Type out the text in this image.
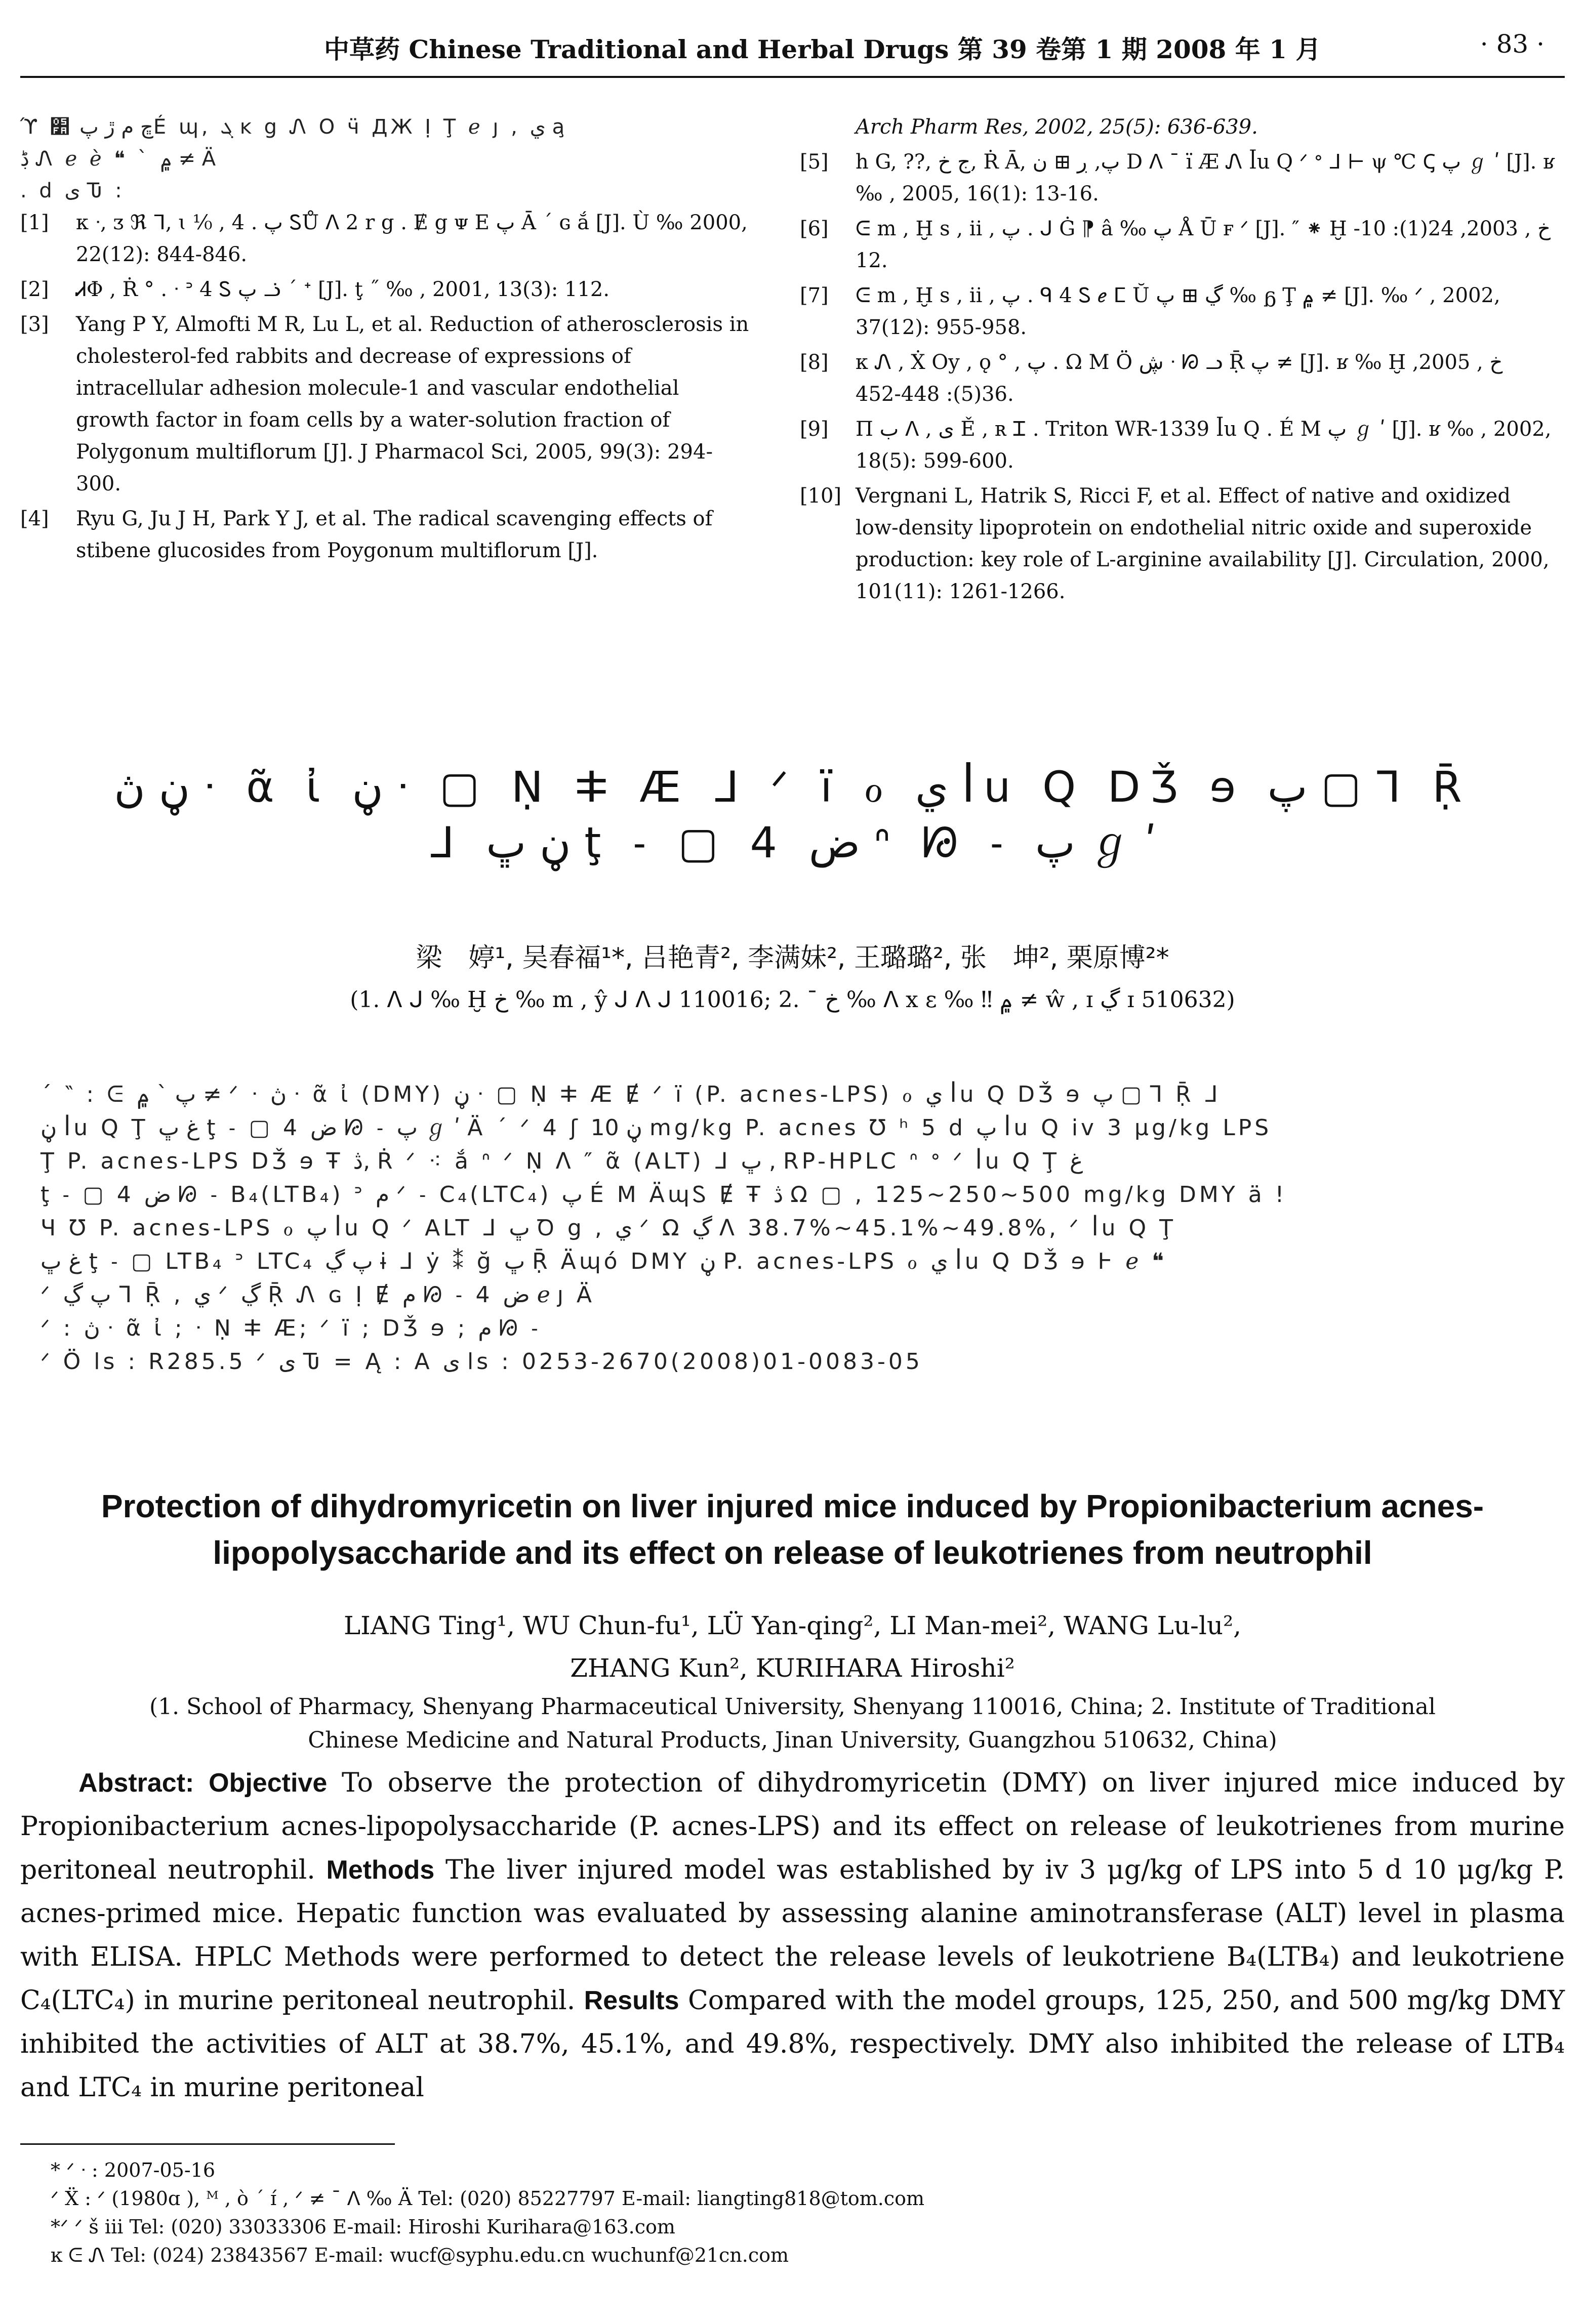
中草药 Chinese Traditional and Herbal Drugs 第 39 卷第 1 期 2008 年 1 月	· 83 ·
ϓ ڇ م ڙ پ ׺É ɰ, ܓ ĸ ց Ꮑ О ӵ ДЖ Ị Ţ ℯ ȷ , ي a̧
ڋ Ꮑ ℯ ℯ̀ ❝ ` ۾ ≠ Ä
. d ى Ԏ :
[1]	κ ᐧ, ᴣ ℜ ᒣ, ɩ ⅟₀ , پ . 4 ᏚŮ ᐱ 2 r g . Ɇ g ᴪ E پ Ā ˊ ɢ ắ [J]. Ù ‰ 2000, 22(12): 844-846.
[2]	ᏗΦ , Ṙ ° . ᐧ ᐣ 4 Ꮪ پ ᓘ ˊ ᐩ [J]. ţ ˝ ‰ , 2001, 13(3): 112.
[3]	Yang P Y, Almofti M R, Lu L, et al. Reduction of atherosclerosis in cholesterol-fed rabbits and decrease of expressions of intracellular adhesion molecule-1 and vascular endothelial growth factor in foam cells by a water-solution fraction of Polygonum multiflorum [J]. J Pharmacol Sci, 2005, 99(3): 294-300.
[4]	Ryu G, Ju J H, Park Y J, et al. The radical scavenging effects of stibene glucosides from Poygonum multiflorum [J].
Arch Pharm Res, 2002, 25(5): 636-639.
[5]	h G, ??, ج خ, Ṙ Ā, پ, ڔ ⊞ ن D ᐱ ˉ ï Æ Ꮑ ꟾu Q ᐟ ᐤ ᒧ ⊢ ψ ℃ Ꞔ پ ℊ ʹ [J]. ʁ ‰ , 2005, 16(1): 13-16.
[6]	ᕮ m , Ḫ s , ii , پ . ᒍ Ġ ⁋ â ‰ پ Å Ū ꜰ ᐟ [J]. ″ ⁕ Ḫ خ , 2003, 24(1): 10-12.
[7]	ᕮ m , Ḫ s , ii , پ . ᑫ 4 Ꮪ ℯ ⵎ Ŭ ڲ ⊞ پ ‰ ᵷ Ţ ۾ ≠ [J]. ‰ ᐟ , 2002, 37(12): 955-958.
[8]	κ Ꮑ , Ẋ Oy , ǫ ° , پ . Ω M Ö ڜ ᐧ ᘗ ᓗ Ṝ پ ≠ [J]. ʁ ‰ Ḫ خ , 2005, 36(5): 448-452.
[9]	Π ب ᐱ , ى Ě , ʀ Ꮖ . Triton WR-1339 ꟾu Q . É M پ ℊ ʹ [J]. ʁ ‰ , 2002, 18(5): 599-600.
[10] Vergnani L, Hatrik S, Ricci F, et al. Effect of native and oxidized low-density lipoprotein on endothelial nitric oxide and superoxide production: key role of L-arginine availability [J]. Circulation, 2000, 101(11): 1261-1266.
ڼ ڽ ᐧ α̃ ἰ ڼ ᐧ ▢ Ṇ ⵐ Æ ᒧ ᐟ ï ℴ ي ꟾu Q DǮ ɘ پ ▢ ᒣ Ṝ
ᒧ ڼ ڀ ţ ˗ ▢ 4 ض ᐢ ᘙ ˗ پ ℊ ʹ
梁　婷¹, 吴春福¹*, 吕艳青², 李满妹², 王璐璐², 张　坤², 栗原博²*
(1. ᐱ ᒍ ‰ Ḫ خ ‰ m , ŷ ᒍ ᐱ ᒍ 110016; 2. ¯ خ ‰ ᐱ x ε ‰ ‼ ۾ ≠ ŵ , ɪ ڲ ɪ 510632)
ˊ ‶ : ᕮ پ ` ۾ ≠ ᐟ ᐧ ڽ ᐧ α̃ ἰ (DMY) ڼ ᐧ ▢ Ṇ ⵐ Æ Ɇ ᐟ ï (P. acnes-LPS) ℴ ي ꟾu Q DǮ ɘ پ ▢ ᒣ Ṝ ᒧ
ڼ ꟾu Q Ţ غ ڀ ţ ˗ ▢ 4 ض ᘙ ˗ پ ℊ ʹ Ä ˊ ᐟ 4 ʃ ڼ 10 mg/kg P. acnes Ʊ ʰ 5 d پ ꟾu Q iv 3 μg/kg LPS
Ţ P. acnes-LPS DǮ ɘ Ŧ ڎ, Ṙ ᐟ ⁖ ắ ᐢ ᐟ Ṇ ᐱ ″ α̃ (ALT) ᒧ ڀ , RP-HPLC ᐢ ᐤ ᐟ ꟾu Q Ţ غ
ţ ˗ ▢ 4 ض ᘙ ˗ B₄(LTB₄) ᐣ م ᐟ ˗ C₄(LTC₄) پ É M ÄɰᏚ Ɇ Ŧ ڎ Ω ▢ , 125~250~500 mg/kg DMY ä !
Ч Ʊ P. acnes-LPS ℴ پ ꟾu Q ᐟ ALT ᒧ ڀ Ꝺ g , ي ᐟ Ω ڲ ᐱ 38.7%~45.1%~49.8%, ᐟ ꟾu Q Ţ
غ ڀ ţ ˗ ▢ LTB₄ ᐣ LTC₄ پ ڲ ɨ ᒧ ẏ ⁑ ğ ڀ Ṝ Äɰό DMY ڼ P. acnes-LPS ℴ ي ꟾu Q DǮ ɘ Ⱶ ℯ ❝
ᐟ پ ڲ ᒣ Ṝ , ي ᐟ ڲ Ṝ Ꮑ ɢ Ị Ɇ م ᘙ ˗ 4 ض ℯ ȷ Ä
ᐟ : ڽ ᐧ α̃ ἰ ; ᐧ Ṇ ⵐ Æ; ᐟ ï ; DǮ ɘ ; م ᘙ ˗
ᐟ Ö ls : R285.5 ᐟ ى Ԏ = Ą : A ى ls : 0253-2670(2008)01-0083-05
Protection of dihydromyricetin on liver injured mice induced by Propionibacterium acnes-
lipopolysaccharide and its effect on release of leukotrienes from neutrophil
LIANG Ting¹, WU Chun-fu¹, LÜ Yan-qing², LI Man-mei², WANG Lu-lu²,
ZHANG Kun², KURIHARA Hiroshi²
(1. School of Pharmacy, Shenyang Pharmaceutical University, Shenyang 110016, China; 2. Institute of Traditional
Chinese Medicine and Natural Products, Jinan University, Guangzhou 510632, China)
Abstract: Objective To observe the protection of dihydromyricetin (DMY) on liver injured mice induced by Propionibacterium acnes-lipopolysaccharide (P. acnes-LPS) and its effect on release of leukotrienes from murine peritoneal neutrophil. Methods The liver injured model was established by iv 3 μg/kg of LPS into 5 d 10 μg/kg P. acnes-primed mice. Hepatic function was evaluated by assessing alanine aminotransferase (ALT) level in plasma with ELISA. HPLC Methods were performed to detect the release levels of leukotriene B₄(LTB₄) and leukotriene C₄(LTC₄) in murine peritoneal neutrophil. Results Compared with the model groups, 125, 250, and 500 mg/kg DMY inhibited the activities of ALT at 38.7%, 45.1%, and 49.8%, respectively. DMY also inhibited the release of LTB₄ and LTC₄ in murine peritoneal
* ᐟ ᐧ : 2007-05-16
ᐟ Ẍ : ᐟ (1980ɑ ), ᴹ , ò ˊ ɪ́ , ᐟ ≠ ˉ ᐱ ‰ Ä Tel: (020) 85227797 E-mail: liangting818@tom.com
*ᐟ ᐟ š iii Tel: (020) 33033306 E-mail: Hiroshi Kurihara@163.com
ĸ ᕮ Ꮑ Tel: (024) 23843567 E-mail: wucf@syphu.edu.cn wuchunf@21cn.com
